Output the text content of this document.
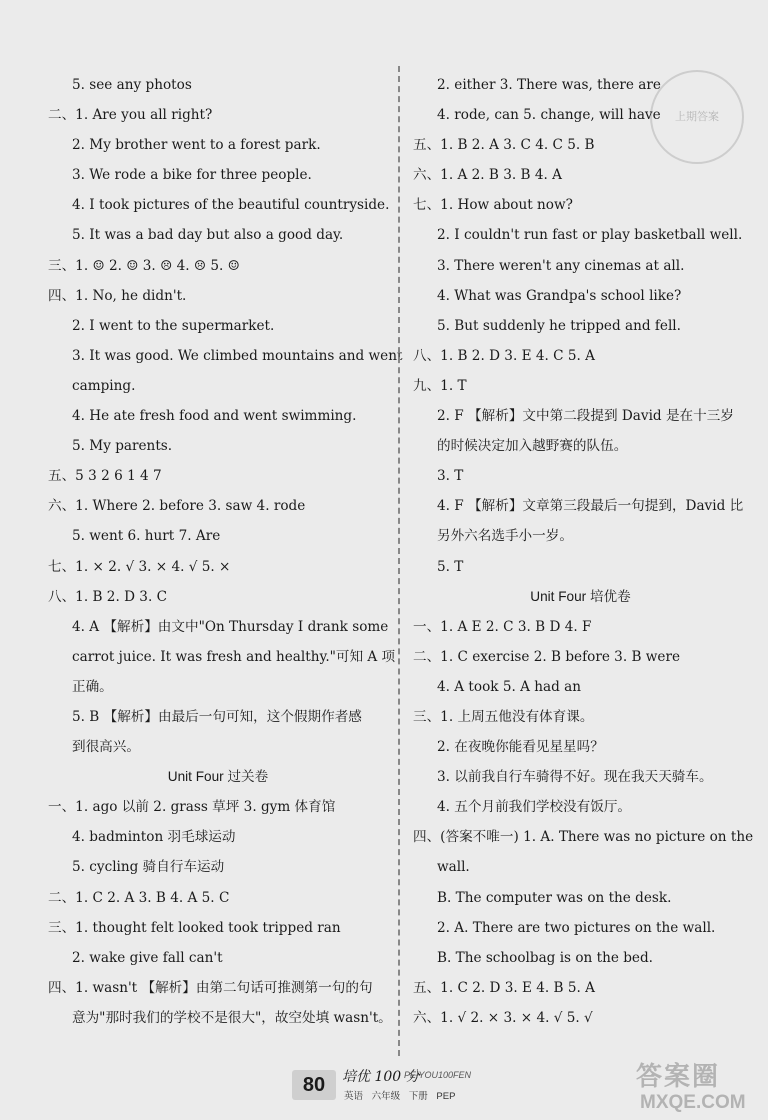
上期答案
5. see any photos
二、1. Are you all right?
2. My brother went to a forest park.
3. We rode a bike for three people.
4. I took pictures of the beautiful countryside.
5. It was a bad day but also a good day.
三、1. ☺ 2. ☺ 3. ☹ 4. ☹ 5. ☺
四、1. No, he didn't.
2. I went to the supermarket.
3. It was good. We climbed mountains and went
camping.
4. He ate fresh food and went swimming.
5. My parents.
五、5 3 2 6 1 4 7
六、1. Where 2. before 3. saw 4. rode
5. went 6. hurt 7. Are
七、1. × 2. √ 3. × 4. √ 5. ×
八、1. B 2. D 3. C
4. A 【解析】由文中"On Thursday I drank some
carrot juice. It was fresh and healthy."可知 A 项
正确。
5. B 【解析】由最后一句可知，这个假期作者感
到很高兴。
Unit Four 过关卷
一、1. ago 以前 2. grass 草坪 3. gym 体育馆
4. badminton 羽毛球运动
5. cycling 骑自行车运动
二、1. C 2. A 3. B 4. A 5. C
三、1. thought felt looked took tripped ran
2. wake give fall can't
四、1. wasn't 【解析】由第二句话可推测第一句的句
意为"那时我们的学校不是很大"，故空处填 wasn't。
2. either 3. There was, there are
4. rode, can 5. change, will have
五、1. B 2. A 3. C 4. C 5. B
六、1. A 2. B 3. B 4. A
七、1. How about now?
2. I couldn't run fast or play basketball well.
3. There weren't any cinemas at all.
4. What was Grandpa's school like?
5. But suddenly he tripped and fell.
八、1. B 2. D 3. E 4. C 5. A
九、1. T
2. F 【解析】文中第二段提到 David 是在十三岁
的时候决定加入越野赛的队伍。
3. T
4. F 【解析】文章第三段最后一句提到，David 比
另外六名选手小一岁。
5. T
Unit Four 培优卷
一、1. A E 2. C 3. B D 4. F
二、1. C exercise 2. B before 3. B were
4. A took 5. A had an
三、1. 上周五他没有体育课。
2. 在夜晚你能看见星星吗？
3. 以前我自行车骑得不好。现在我天天骑车。
4. 五个月前我们学校没有饭厅。
四、(答案不唯一) 1. A. There was no picture on the
wall.
B. The computer was on the desk.
2. A. There are two pictures on the wall.
B. The schoolbag is on the bed.
五、1. C 2. D 3. E 4. B 5. A
六、1. √ 2. × 3. × 4. √ 5. √
80	培优 100 分
PEIYOU100FEN
英语 六年级 下册 PEP
答案圈
MXQE.COM
